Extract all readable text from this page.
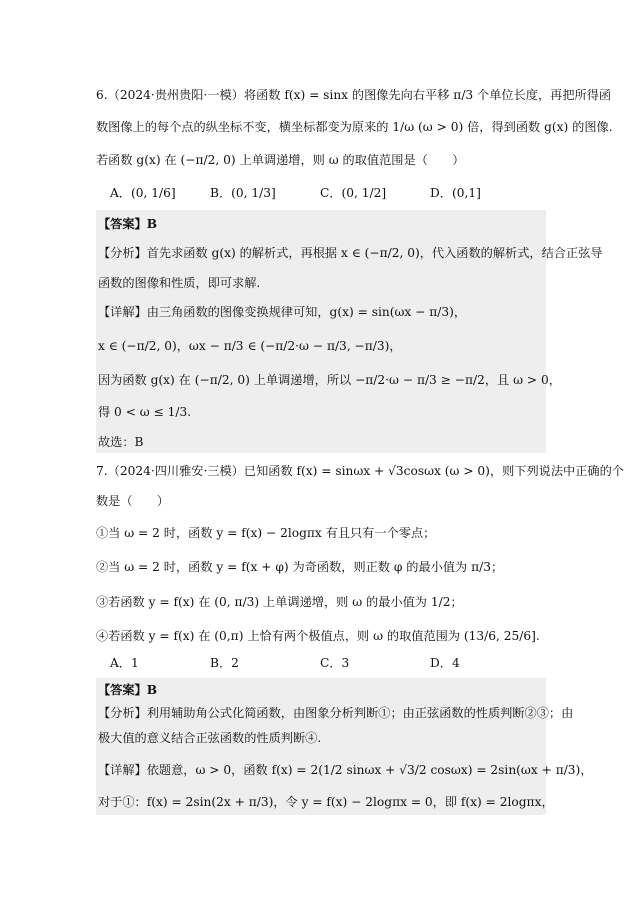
6.（2024·贵州贵阳·一模）将函数 f(x) = sinx 的图像先向右平移 π/3 个单位长度，再把所得函
数图像上的每个点的纵坐标不变，横坐标都变为原来的 1/ω (ω > 0) 倍，得到函数 g(x) 的图像.
若函数 g(x) 在 (−π/2, 0) 上单调递增，则 ω 的取值范围是（　　）
A．(0, 1/6]	B．(0, 1/3]	C．(0, 1/2]	D．(0,1]
【答案】B
【分析】首先求函数 g(x) 的解析式，再根据 x ∈ (−π/2, 0)，代入函数的解析式，结合正弦导
函数的图像和性质，即可求解.
【详解】由三角函数的图像变换规律可知，g(x) = sin(ωx − π/3)，
x ∈ (−π/2, 0)，ωx − π/3 ∈ (−π/2·ω − π/3, −π/3)，
因为函数 g(x) 在 (−π/2, 0) 上单调递增，所以 −π/2·ω − π/3 ≥ −π/2，且 ω > 0，
得 0 < ω ≤ 1/3.
故选：B
7.（2024·四川雅安·三模）已知函数 f(x) = sinωx + √3cosωx (ω > 0)，则下列说法中正确的个
数是（　　）
①当 ω = 2 时，函数 y = f(x) − 2logπx 有且只有一个零点；
②当 ω = 2 时，函数 y = f(x + φ) 为奇函数，则正数 φ 的最小值为 π/3；
③若函数 y = f(x) 在 (0, π/3) 上单调递增，则 ω 的最小值为 1/2；
④若函数 y = f(x) 在 (0,π) 上恰有两个极值点，则 ω 的取值范围为 (13/6, 25/6].
A．1	B．2	C．3	D．4
【答案】B
【分析】利用辅助角公式化简函数，由图象分析判断①；由正弦函数的性质判断②③；由
极大值的意义结合正弦函数的性质判断④.
【详解】依题意，ω > 0，函数 f(x) = 2(1/2 sinωx + √3/2 cosωx) = 2sin(ωx + π/3)，
对于①：f(x) = 2sin(2x + π/3)，令 y = f(x) − 2logπx = 0，即 f(x) = 2logπx，
